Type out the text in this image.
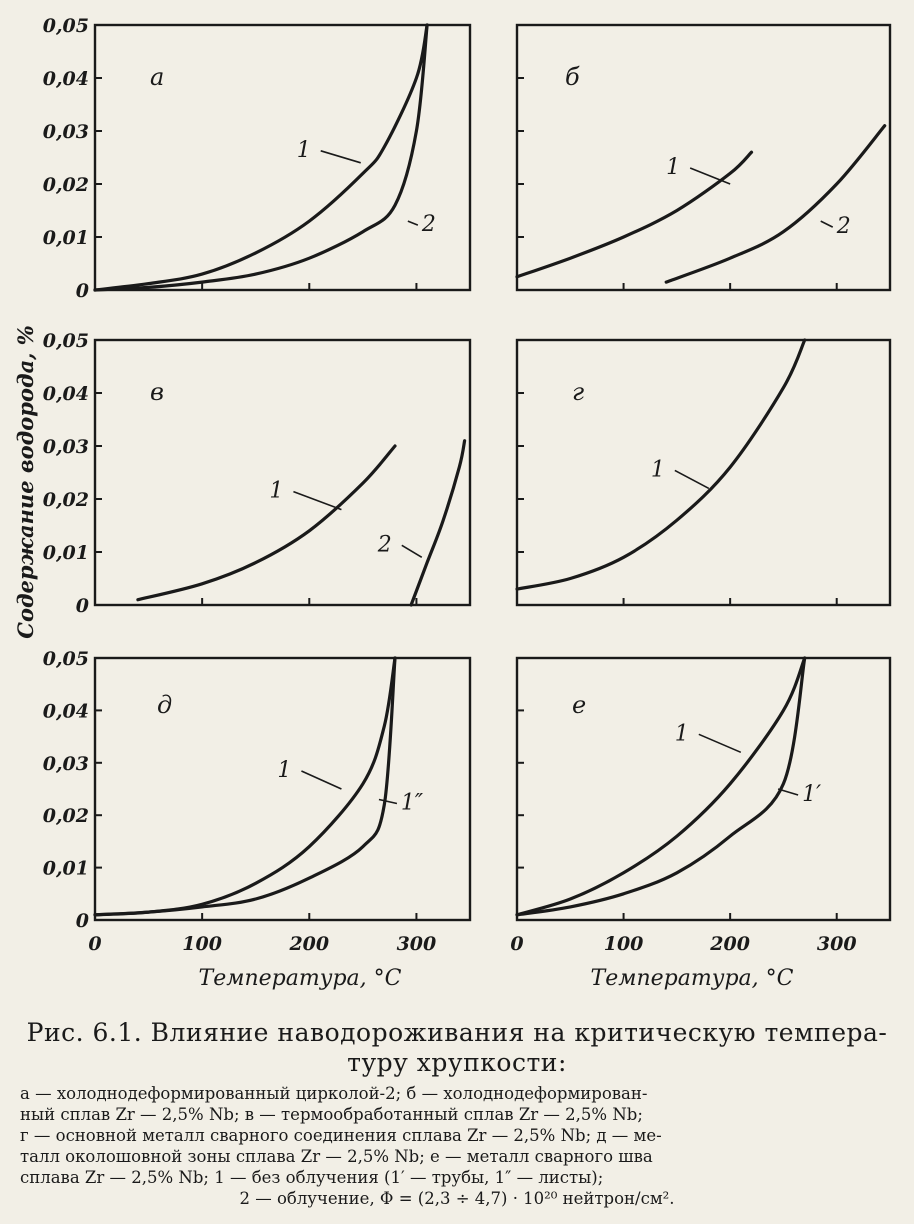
Содержание водорода, %
0
0,01
0,02
0,03
0,04
0,05
а
1
2
б
1
2
0
0,01
0,02
0,03
0,04
0,05
в
1
2
г
1
0
0,01
0,02
0,03
0,04
0,05
0	100	200	300
д
1
1″
0	100	200	300
е
1
1′
Температура, °C	Температура, °C
Рис. 6.1. Влияние наводороживания на критическую темпера-
туру хрупкости:

а — холоднодеформированный цирколой-2; б — холоднодеформирован-

ный сплав Zr — 2,5% Nb; в — термообработанный сплав Zr — 2,5% Nb;

г — основной металл сварного соединения сплава Zr — 2,5% Nb; д — ме-

талл околошовной зоны сплава Zr — 2,5% Nb; е — металл сварного шва

сплава Zr — 2,5% Nb; 1 — без облучения (1′ — трубы, 1″ — листы);

2 — облучение, Φ = (2,3 ÷ 4,7) · 10²⁰ нейтрон/см².
